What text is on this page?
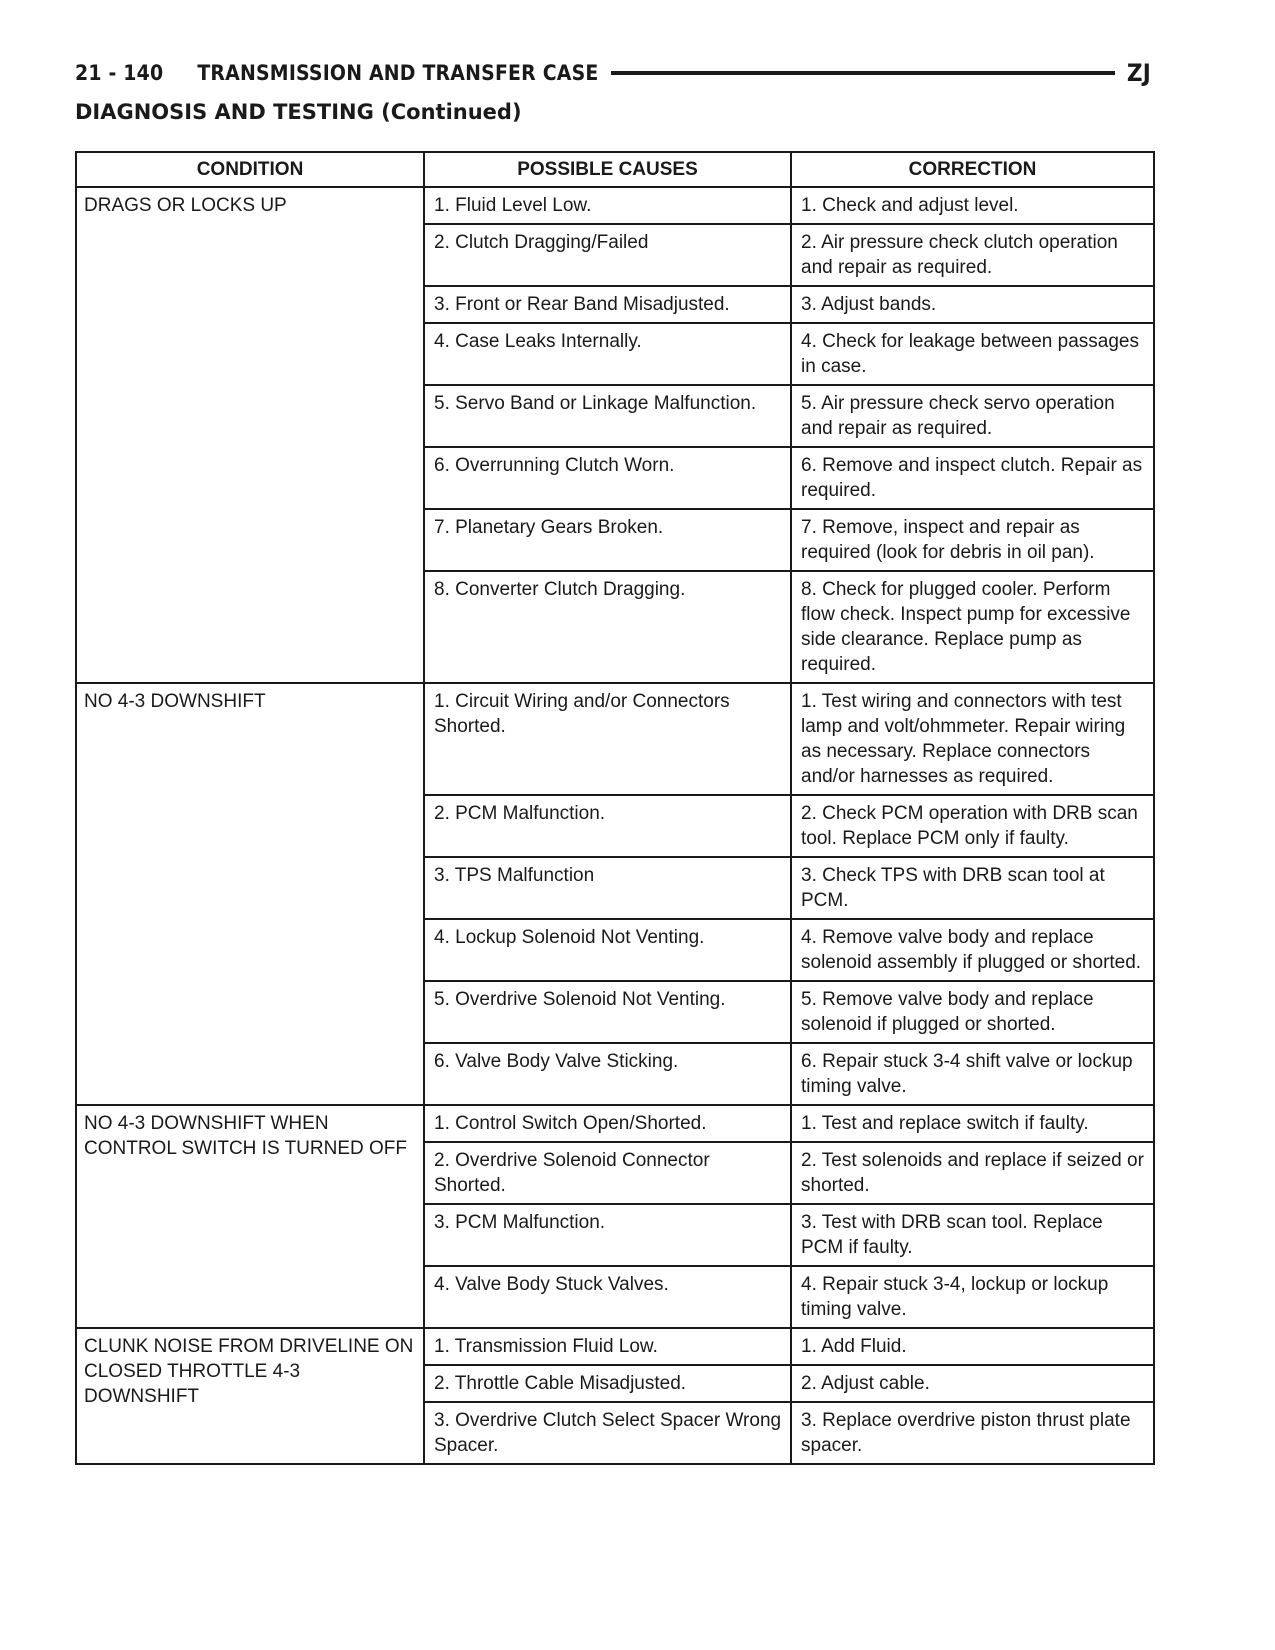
21 - 140 TRANSMISSION AND TRANSFER CASE	ZJ
DIAGNOSIS AND TESTING (Continued)
CONDITION	POSSIBLE CAUSES	CORRECTION
DRAGS OR LOCKS UP	1. Fluid Level Low.	1. Check and adjust level.
	2. Clutch Dragging/Failed	2. Air pressure check clutch operation and repair as required.
	3. Front or Rear Band Misadjusted.	3. Adjust bands.
	4. Case Leaks Internally.	4. Check for leakage between passages in case.
	5. Servo Band or Linkage Malfunction.	5. Air pressure check servo operation and repair as required.
	6. Overrunning Clutch Worn.	6. Remove and inspect clutch. Repair as required.
	7. Planetary Gears Broken.	7. Remove, inspect and repair as required (look for debris in oil pan).
	8. Converter Clutch Dragging.	8. Check for plugged cooler. Perform flow check. Inspect pump for excessive side clearance. Replace pump as required.
NO 4-3 DOWNSHIFT	1. Circuit Wiring and/or Connectors Shorted.	1. Test wiring and connectors with test lamp and volt/ohmmeter. Repair wiring as necessary. Replace connectors and/or harnesses as required.
	2. PCM Malfunction.	2. Check PCM operation with DRB scan tool. Replace PCM only if faulty.
	3. TPS Malfunction	3. Check TPS with DRB scan tool at PCM.
	4. Lockup Solenoid Not Venting.	4. Remove valve body and replace solenoid assembly if plugged or shorted.
	5. Overdrive Solenoid Not Venting.	5. Remove valve body and replace solenoid if plugged or shorted.
	6. Valve Body Valve Sticking.	6. Repair stuck 3-4 shift valve or lockup timing valve.
NO 4-3 DOWNSHIFT WHEN CONTROL SWITCH IS TURNED OFF	1. Control Switch Open/Shorted.	1. Test and replace switch if faulty.
	2. Overdrive Solenoid Connector Shorted.	2. Test solenoids and replace if seized or shorted.
	3. PCM Malfunction.	3. Test with DRB scan tool. Replace PCM if faulty.
	4. Valve Body Stuck Valves.	4. Repair stuck 3-4, lockup or lockup timing valve.
CLUNK NOISE FROM DRIVELINE ON CLOSED THROTTLE 4-3 DOWNSHIFT	1. Transmission Fluid Low.	1. Add Fluid.
	2. Throttle Cable Misadjusted.	2. Adjust cable.
	3. Overdrive Clutch Select Spacer Wrong Spacer.	3. Replace overdrive piston thrust plate spacer.
